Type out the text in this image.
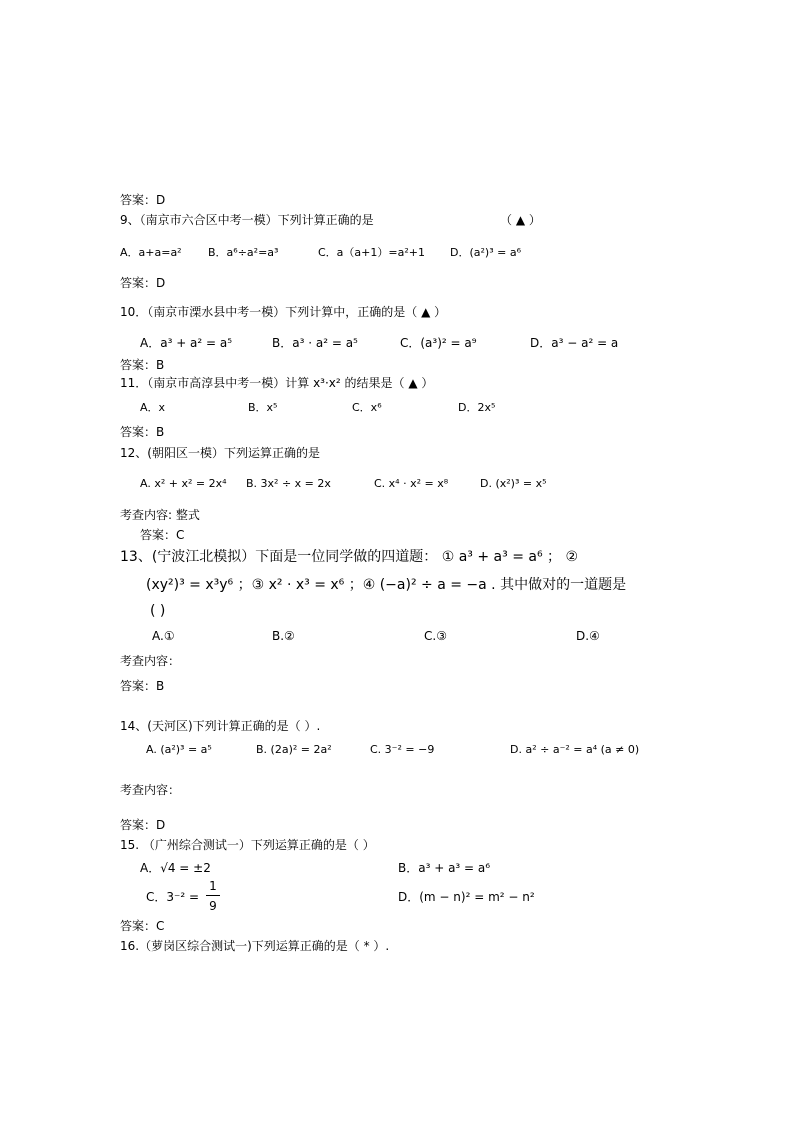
答案：D
9、（南京市六合区中考一模）下列计算正确的是	（ ▲ ）
A．a+a=a² B．a⁶÷a²=a³	C．a（a+1）=a²+1 D．(a²)³ = a⁶
答案：D
10．（南京市溧水县中考一模）下列计算中，正确的是（ ▲ ）
A．a³ + a² = a⁵	B．a³ · a² = a⁵	C．(a³)² = a⁹	D．a³ − a² = a
答案：B
11．（南京市高淳县中考一模）计算 x³·x² 的结果是（ ▲ ）
A．x	B．x⁵	C．x⁶	D．2x⁵
答案：B
12、(朝阳区一模）下列运算正确的是
A. x² + x² = 2x⁴ B. 3x² ÷ x = 2x	C. x⁴ · x² = x⁸	D. (x²)³ = x⁵
考查内容: 整式
答案：C
13、(宁波江北模拟）下面是一位同学做的四道题： ① a³ + a³ = a⁶ ； ②
(xy²)³ = x³y⁶ ；③ x² · x³ = x⁶ ；④ (−a)² ÷ a = −a . 其中做对的一道题是
( )
A.①	B.②	C.③	D.④
考查内容：
答案：B
14、(天河区)下列计算正确的是（ ）.
A. (a²)³ = a⁵	B. (2a)² = 2a²	C. 3⁻² = −9	D. a² ÷ a⁻² = a⁴ (a ≠ 0)
考查内容：
答案：D
15. （广州综合测试一）下列运算正确的是（ ）
A．√4 = ±2	B．a³ + a³ = a⁶
C．3⁻² =
1
9
D．(m − n)² = m² − n²
答案：C
16.（萝岗区综合测试一)下列运算正确的是（ * ）.
